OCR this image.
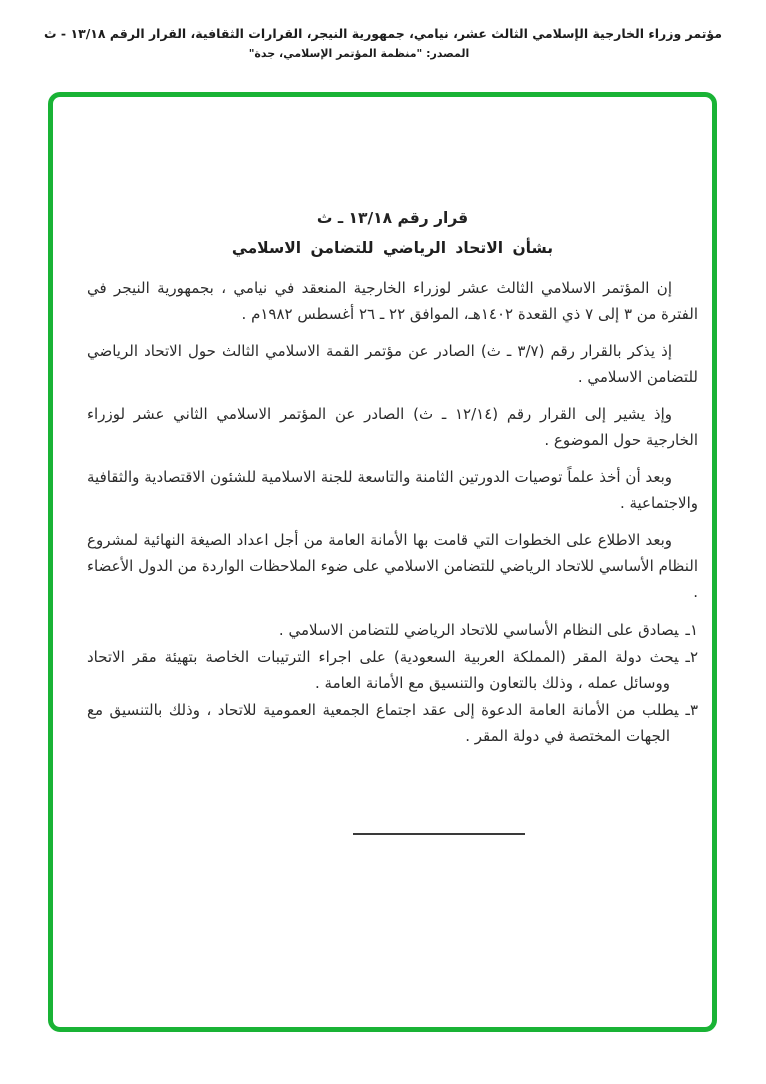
مؤتمر وزراء الخارجية الإسلامي الثالث عشر، نيامي، جمهورية النيجر، القرارات الثقافية، القرار الرقم ١٣/١٨ - ث
المصدر: "منظمة المؤتمر الإسلامي، جدة"
قرار رقم ١٣/١٨ ـ ث
بشأن الاتحاد الرياضي للتضامن الاسلامي

إن المؤتمر الاسلامي الثالث عشر لوزراء الخارجية المنعقد في نيامي ، بجمهورية النيجر في الفترة من ٣ إلى ٧ ذي القعدة ١٤٠٢هـ، الموافق ٢٢ ـ ٢٦ أغسطس ١٩٨٢م .

إذ يذكر بالقرار رقم (٣/٧ ـ ث) الصادر عن مؤتمر القمة الاسلامي الثالث حول الاتحاد الرياضي للتضامن الاسلامي .

وإذ يشير إلى القرار رقم (١٢/١٤ ـ ث) الصادر عن المؤتمر الاسلامي الثاني عشر لوزراء الخارجية حول الموضوع .

وبعد أن أخذ علماً توصيات الدورتين الثامنة والتاسعة للجنة الاسلامية للشئون الاقتصادية والثقافية والاجتماعية .

وبعد الاطلاع على الخطوات التي قامت بها الأمانة العامة من أجل اعداد الصيغة النهائية لمشروع النظام الأساسي للاتحاد الرياضي للتضامن الاسلامي على ضوء الملاحظات الواردة من الدول الأعضاء .

١ـيصادق على النظام الأساسي للاتحاد الرياضي للتضامن الاسلامي .
٢ـيحث دولة المقر (المملكة العربية السعودية) على اجراء الترتيبات الخاصة بتهيئة مقر الاتحاد ووسائل عمله ، وذلك بالتعاون والتنسيق مع الأمانة العامة .
٣ـيطلب من الأمانة العامة الدعوة إلى عقد اجتماع الجمعية العمومية للاتحاد ، وذلك بالتنسيق مع الجهات المختصة في دولة المقر .
